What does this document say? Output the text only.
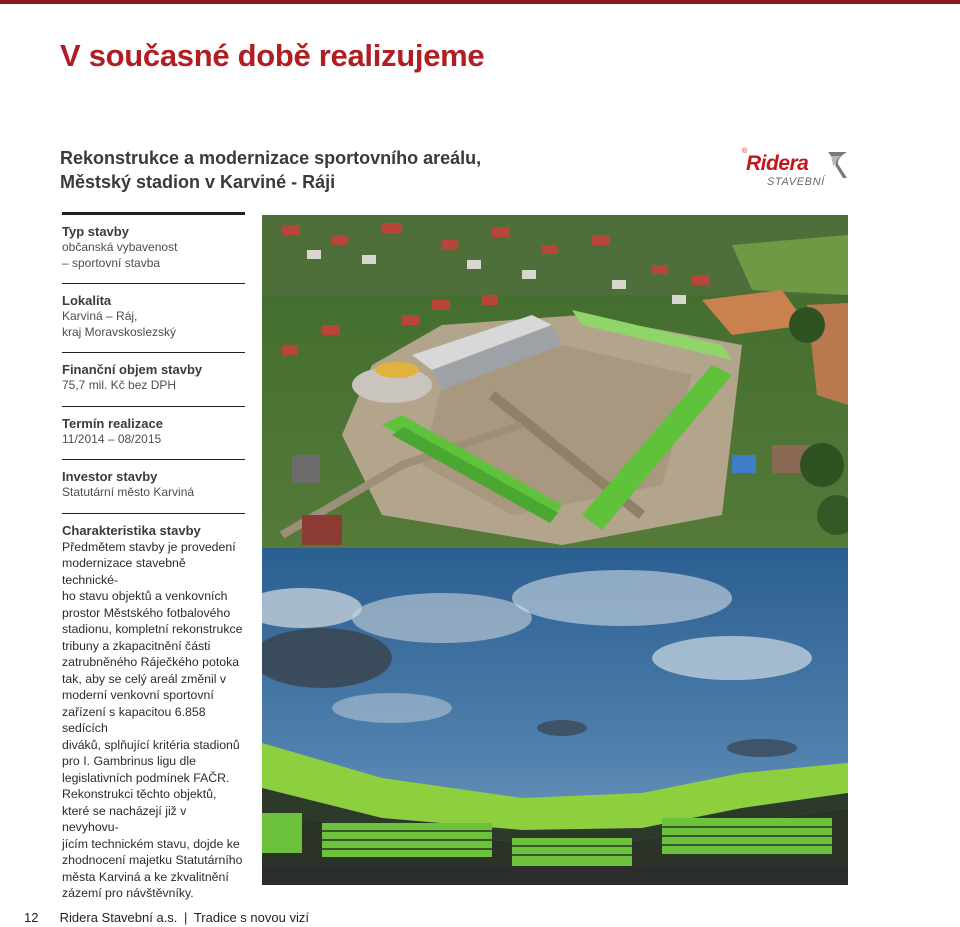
V současné době realizujeme
Rekonstrukce a modernizace sportovního areálu,
Městský stadion v Karviné - Ráji
®
Ridera
STAVEBNÍ
Typ stavby
občanská vybavenost
– sportovní stavba
Lokalita
Karviná – Ráj,
kraj Moravskoslezský
Finanční objem stavby
75,7 mil. Kč bez DPH
Termín realizace
11/2014 – 08/2015
Investor stavby
Statutární město Karviná
Charakteristika stavby
Předmětem stavby je provedení
modernizace stavebně technické-
ho stavu objektů a venkovních
prostor Městského fotbalového
stadionu, kompletní rekonstrukce
tribuny a zkapacitnění části
zatrubněného Ráječkého potoka
tak, aby se celý areál změnil v
moderní venkovní sportovní
zařízení s kapacitou 6.858 sedících
diváků, splňující kritéria stadionů
pro I. Gambrinus ligu dle
legislativních podmínek FAČR.
Rekonstrukci těchto objektů,
které se nacházejí již v nevyhovu-
jícím technickém stavu, dojde ke
zhodnocení majetku Statutárního
města Karviná a ke zkvalitnění
zázemí pro návštěvníky.
12 Ridera Stavební a.s. | Tradice s novou vizí
